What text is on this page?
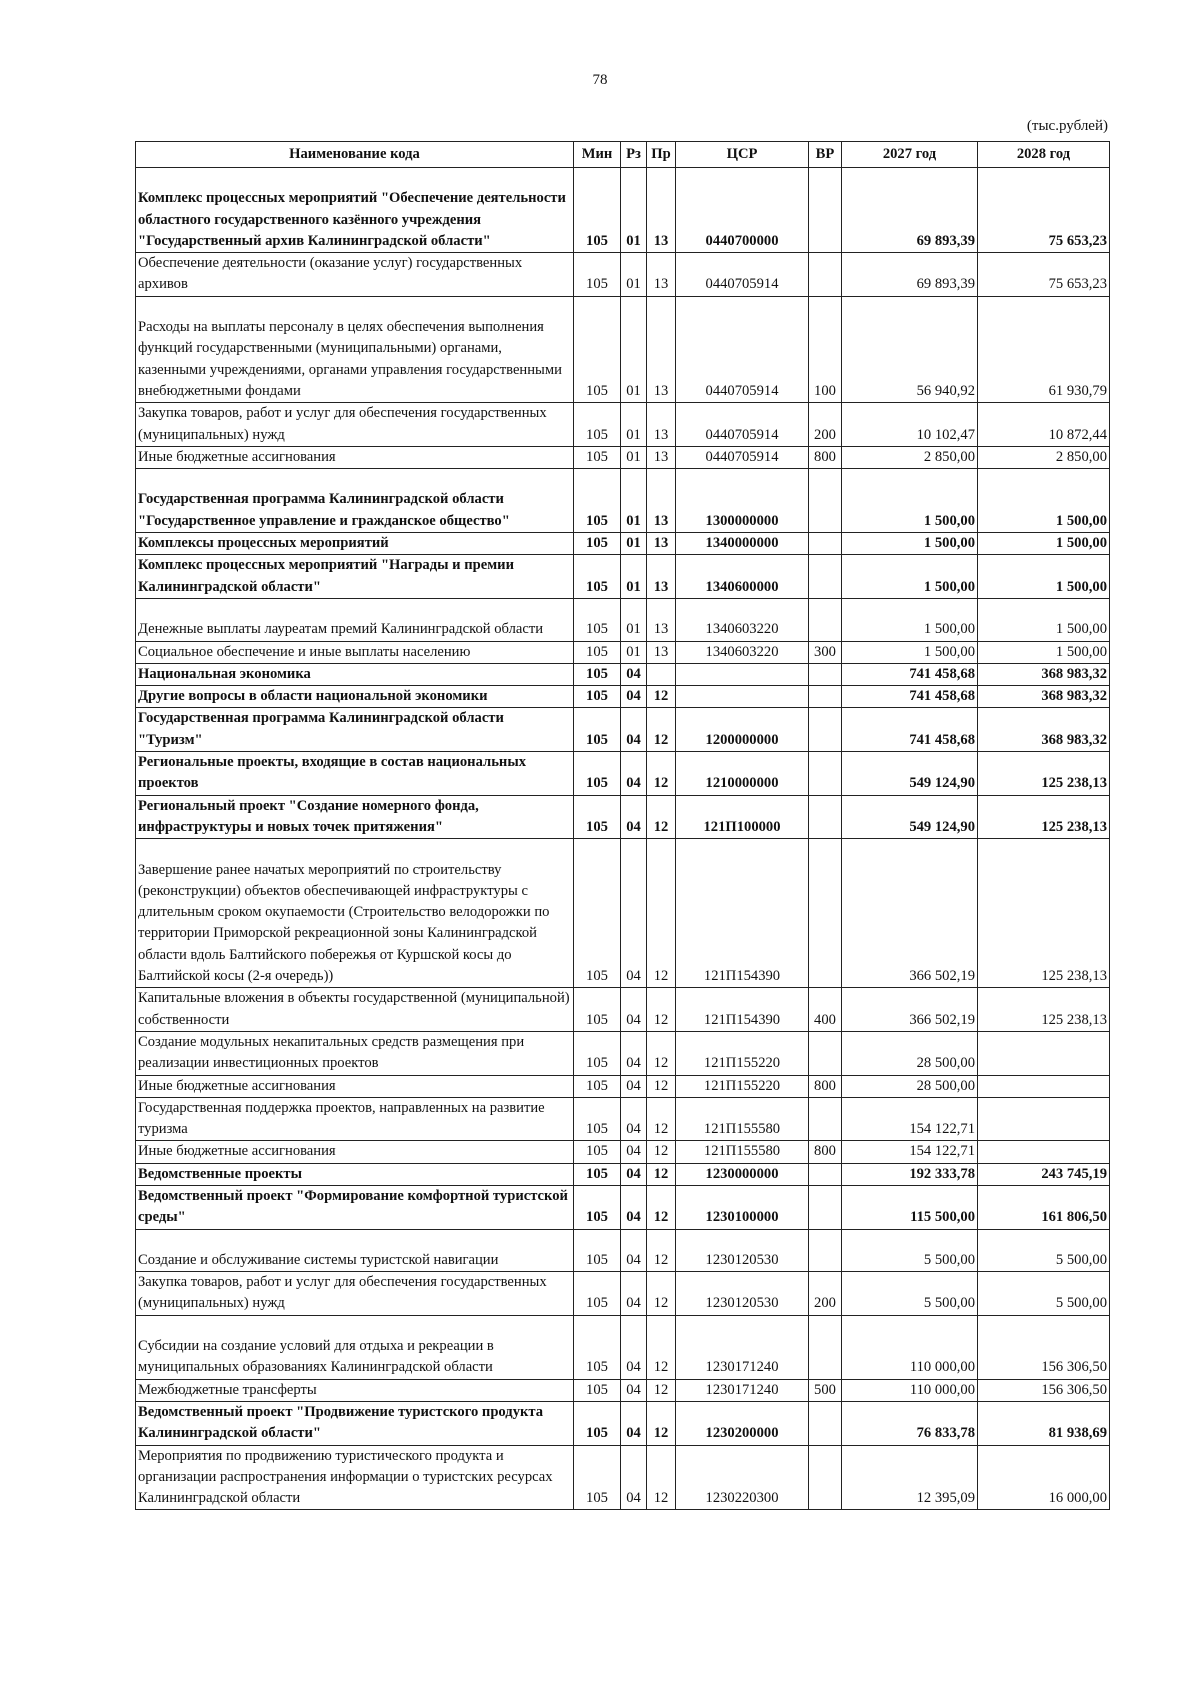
78
(тыс.рублей)
Наименование кода	Мин	Рз	Пр	ЦСР	ВР	2027 год	2028 год
Комплекс процессных мероприятий "Обеспечение деятельности областного государственного казённого учреждения "Государственный архив Калининградской области"	105	01	13	0440700000		69 893,39	75 653,23
Обеспечение деятельности (оказание услуг) государственных архивов	105	01	13	0440705914		69 893,39	75 653,23
Расходы на выплаты персоналу в целях обеспечения выполнения функций государственными (муниципальными) органами, казенными учреждениями, органами управления государственными внебюджетными фондами	105	01	13	0440705914	100	56 940,92	61 930,79
Закупка товаров, работ и услуг для обеспечения государственных (муниципальных) нужд	105	01	13	0440705914	200	10 102,47	10 872,44
Иные бюджетные ассигнования	105	01	13	0440705914	800	2 850,00	2 850,00
Государственная программа Калининградской области "Государственное управление и гражданское общество"	105	01	13	1300000000		1 500,00	1 500,00
Комплексы процессных мероприятий	105	01	13	1340000000		1 500,00	1 500,00
Комплекс процессных мероприятий "Награды и премии Калининградской области"	105	01	13	1340600000		1 500,00	1 500,00
Денежные выплаты лауреатам премий Калининградской области	105	01	13	1340603220		1 500,00	1 500,00
Социальное обеспечение и иные выплаты населению	105	01	13	1340603220	300	1 500,00	1 500,00
Национальная экономика	105	04				741 458,68	368 983,32
Другие вопросы в области национальной экономики	105	04	12			741 458,68	368 983,32
Государственная программа Калининградской области "Туризм"	105	04	12	1200000000		741 458,68	368 983,32
Региональные проекты, входящие в состав национальных проектов	105	04	12	1210000000		549 124,90	125 238,13
Региональный проект "Создание номерного фонда, инфраструктуры и новых точек притяжения"	105	04	12	121П100000		549 124,90	125 238,13
Завершение ранее начатых мероприятий по строительству (реконструкции) объектов обеспечивающей инфраструктуры с длительным сроком окупаемости (Строительство велодорожки по территории Приморской рекреационной зоны Калининградской области вдоль Балтийского побережья от Куршской косы до Балтийской косы (2-я очередь))	105	04	12	121П154390		366 502,19	125 238,13
Капитальные вложения в объекты государственной (муниципальной) собственности	105	04	12	121П154390	400	366 502,19	125 238,13
Создание модульных некапитальных средств размещения при реализации инвестиционных проектов	105	04	12	121П155220		28 500,00	
Иные бюджетные ассигнования	105	04	12	121П155220	800	28 500,00	
Государственная поддержка проектов, направленных на развитие туризма	105	04	12	121П155580		154 122,71	
Иные бюджетные ассигнования	105	04	12	121П155580	800	154 122,71	
Ведомственные проекты	105	04	12	1230000000		192 333,78	243 745,19
Ведомственный проект "Формирование комфортной туристской среды"	105	04	12	1230100000		115 500,00	161 806,50
Создание и обслуживание системы туристской навигации	105	04	12	1230120530		5 500,00	5 500,00
Закупка товаров, работ и услуг для обеспечения государственных (муниципальных) нужд	105	04	12	1230120530	200	5 500,00	5 500,00
Субсидии на создание условий для отдыха и рекреации в муниципальных образованиях Калининградской области	105	04	12	1230171240		110 000,00	156 306,50
Межбюджетные трансферты	105	04	12	1230171240	500	110 000,00	156 306,50
Ведомственный проект "Продвижение туристского продукта Калининградской области"	105	04	12	1230200000		76 833,78	81 938,69
Мероприятия по продвижению туристического продукта и организации распространения информации о туристских ресурсах Калининградской области	105	04	12	1230220300		12 395,09	16 000,00
